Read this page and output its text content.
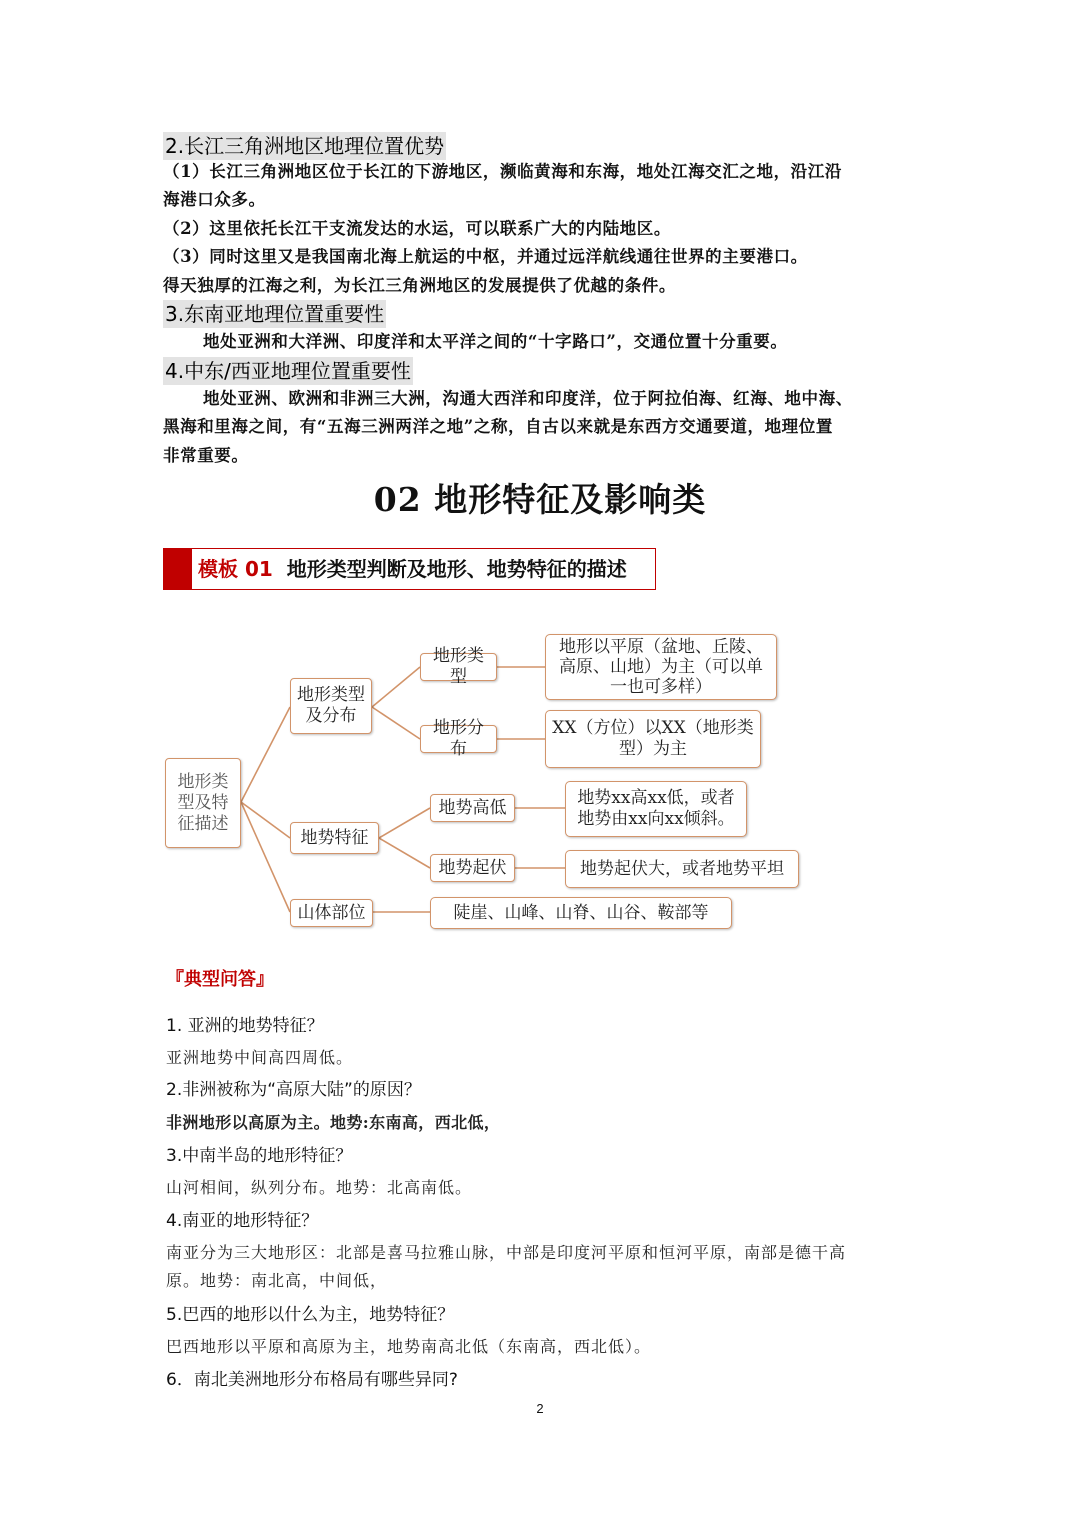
2.长江三角洲地区地理位置优势
（1）长江三角洲地区位于长江的下游地区，濒临黄海和东海，地处江海交汇之地，沿江沿
海港口众多。
（2）这里依托长江干支流发达的水运，可以联系广大的内陆地区。
（3）同时这里又是我国南北海上航运的中枢，并通过远洋航线通往世界的主要港口。
得天独厚的江海之利，为长江三角洲地区的发展提供了优越的条件。
3.东南亚地理位置重要性
地处亚洲和大洋洲、印度洋和太平洋之间的“十字路口”，交通位置十分重要。
4.中东/西亚地理位置重要性
地处亚洲、欧洲和非洲三大洲，沟通大西洋和印度洋，位于阿拉伯海、红海、地中海、
黑海和里海之间，有“五海三洲两洋之地”之称，自古以来就是东西方交通要道，地理位置
非常重要。
02 地形特征及影响类
模板 01 地形类型判断及地形、地势特征的描述
地形类
型及特
征描述
地形类型
及分布
地势特征
山体部位
地形类型
地形分布
地势高低
地势起伏
地形以平原（盆地、丘陵、
高原、山地）为主（可以单
一也可多样）
XX（方位）以XX（地形类
型）为主
地势xx高xx低，或者
地势由xx向xx倾斜。
地势起伏大，或者地势平坦
陡崖、山峰、山脊、山谷、鞍部等
『典型问答』
1. 亚洲的地势特征？
亚洲地势中间高四周低。
2.非洲被称为“高原大陆”的原因？
非洲地形以高原为主。地势:东南高，西北低，
3.中南半岛的地形特征？
山河相间，纵列分布。地势：北高南低。
4.南亚的地形特征？
南亚分为三大地形区：北部是喜马拉雅山脉，中部是印度河平原和恒河平原，南部是德干高
原。地势：南北高，中间低，
5.巴西的地形以什么为主，地势特征？
巴西地形以平原和高原为主，地势南高北低（东南高，西北低）。
6．南北美洲地形分布格局有哪些异同?
2
